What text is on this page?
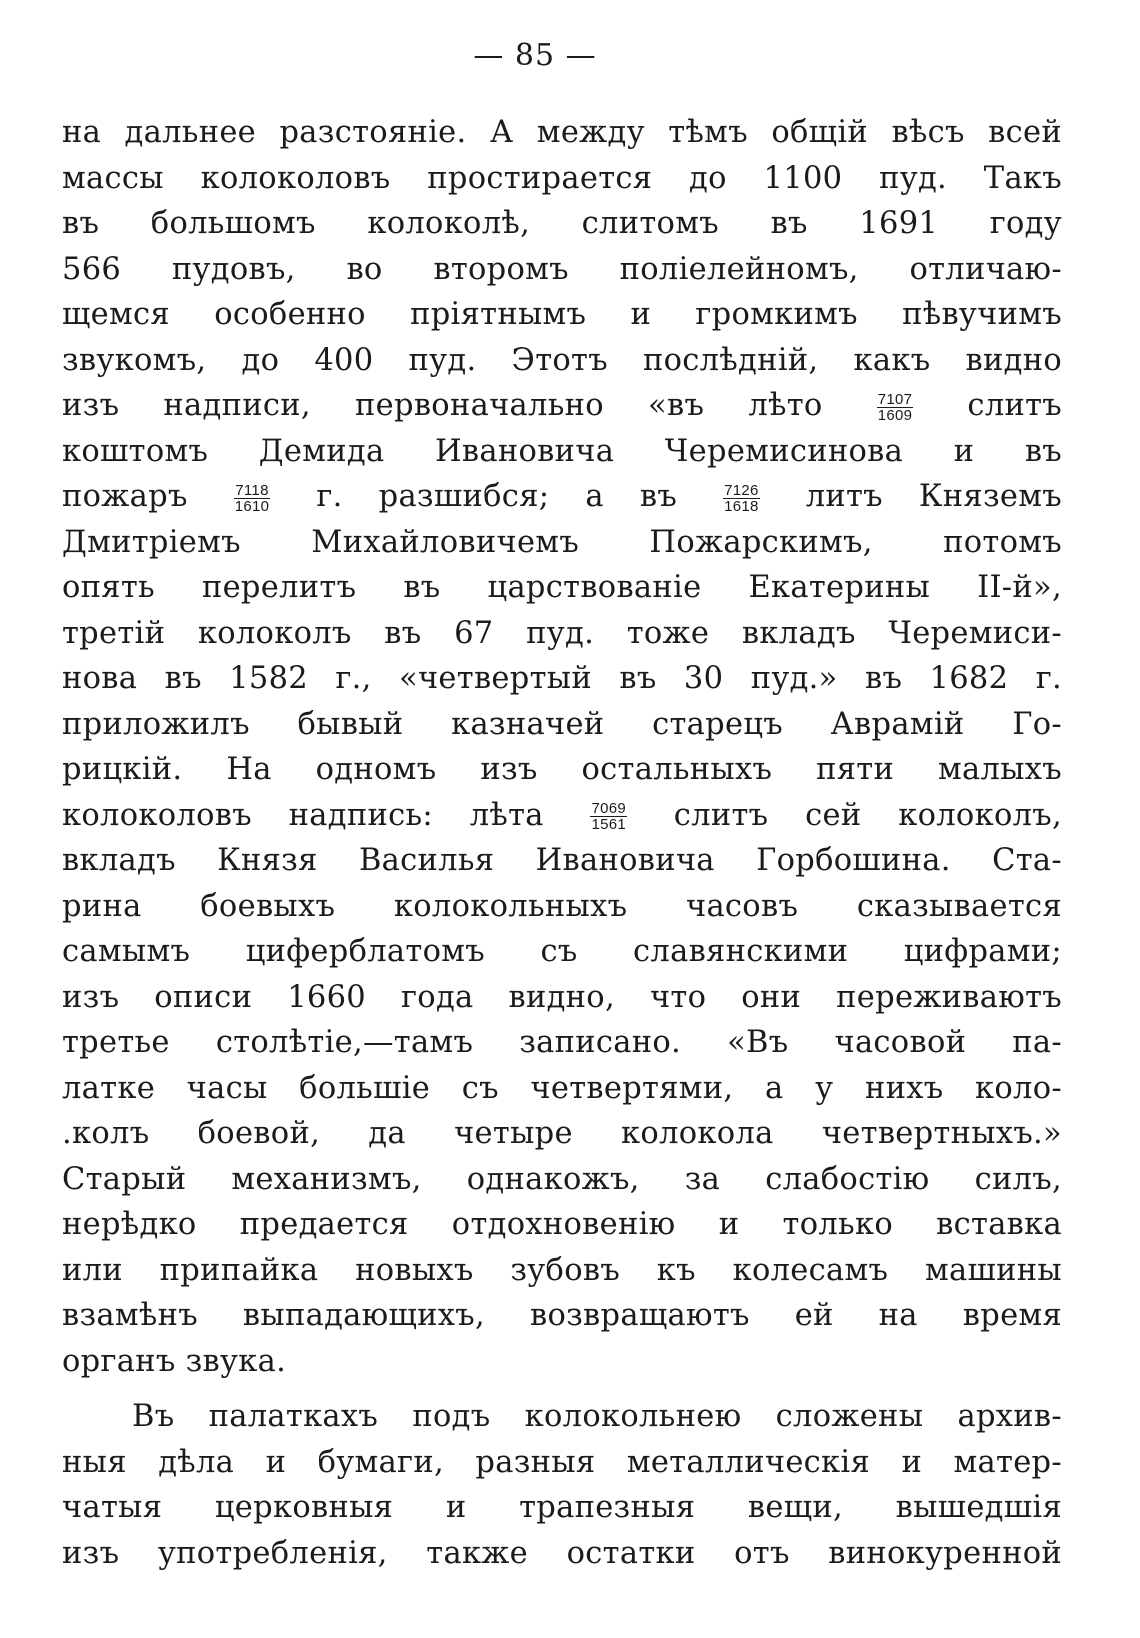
— 85 —
на дальнее разстояніе. А между тѣмъ общій вѣсъ всей
массы колоколовъ простирается до 1100 пуд. Такъ
въ большомъ колоколѣ, слитомъ въ 1691 году
566 пудовъ, во второмъ поліелейномъ, отличаю-
щемся особенно пріятнымъ и громкимъ пѣвучимъ
звукомъ, до 400 пуд. Этотъ послѣдній, какъ видно
изъ надписи, первоначально «въ лѣто $\frac{7107}{1609}$ слитъ
коштомъ Демида Ивановича Черемисинова и въ
пожаръ $\frac{7118}{1610} г$. разшибся; а въ $\frac{7126}{1618}$ литъ Княземъ
Дмитріемъ Михайловичемъ Пожарскимъ, потомъ
опять перелитъ въ царствованіе Екатерины II-й»,
третій колоколъ въ 67 пуд. тоже вкладъ Черемиси-
нова въ 1582 г., «четвертый въ 30 пуд.» въ 1682 г.
приложилъ бывый казначей старецъ Аврамій Го-
рицкій. На одномъ изъ остальныхъ пяти малыхъ
колоколовъ надпись: лѣта $\frac{7069}{1561}$ слитъ сей колоколъ,
вкладъ Князя Василья Ивановича Горбошина. Ста-
рина боевыхъ колокольныхъ часовъ сказывается
самымъ циферблатомъ съ славянскими цифрами;
изъ описи 1660 года видно, что они переживаютъ
третье столѣтіе,—тамъ записано. «Въ часовой па-
латке часы большіе съ четвертями, а у нихъ коло-
.колъ боевой, да четыре колокола четвертныхъ.»
Старый механизмъ, однакожъ, за слабостію силъ,
нерѣдко предается отдохновенію и только вставка
или припайка новыхъ зубовъ къ колесамъ машины
взамѣнъ выпадающихъ, возвращаютъ ей на время
органъ звука.
Въ палаткахъ подъ колокольнею сложены архив-
ныя дѣла и бумаги, разныя металлическія и матер-
чатыя церковныя и трапезныя вещи, вышедшія
изъ употребленія, также остатки отъ винокуренной
